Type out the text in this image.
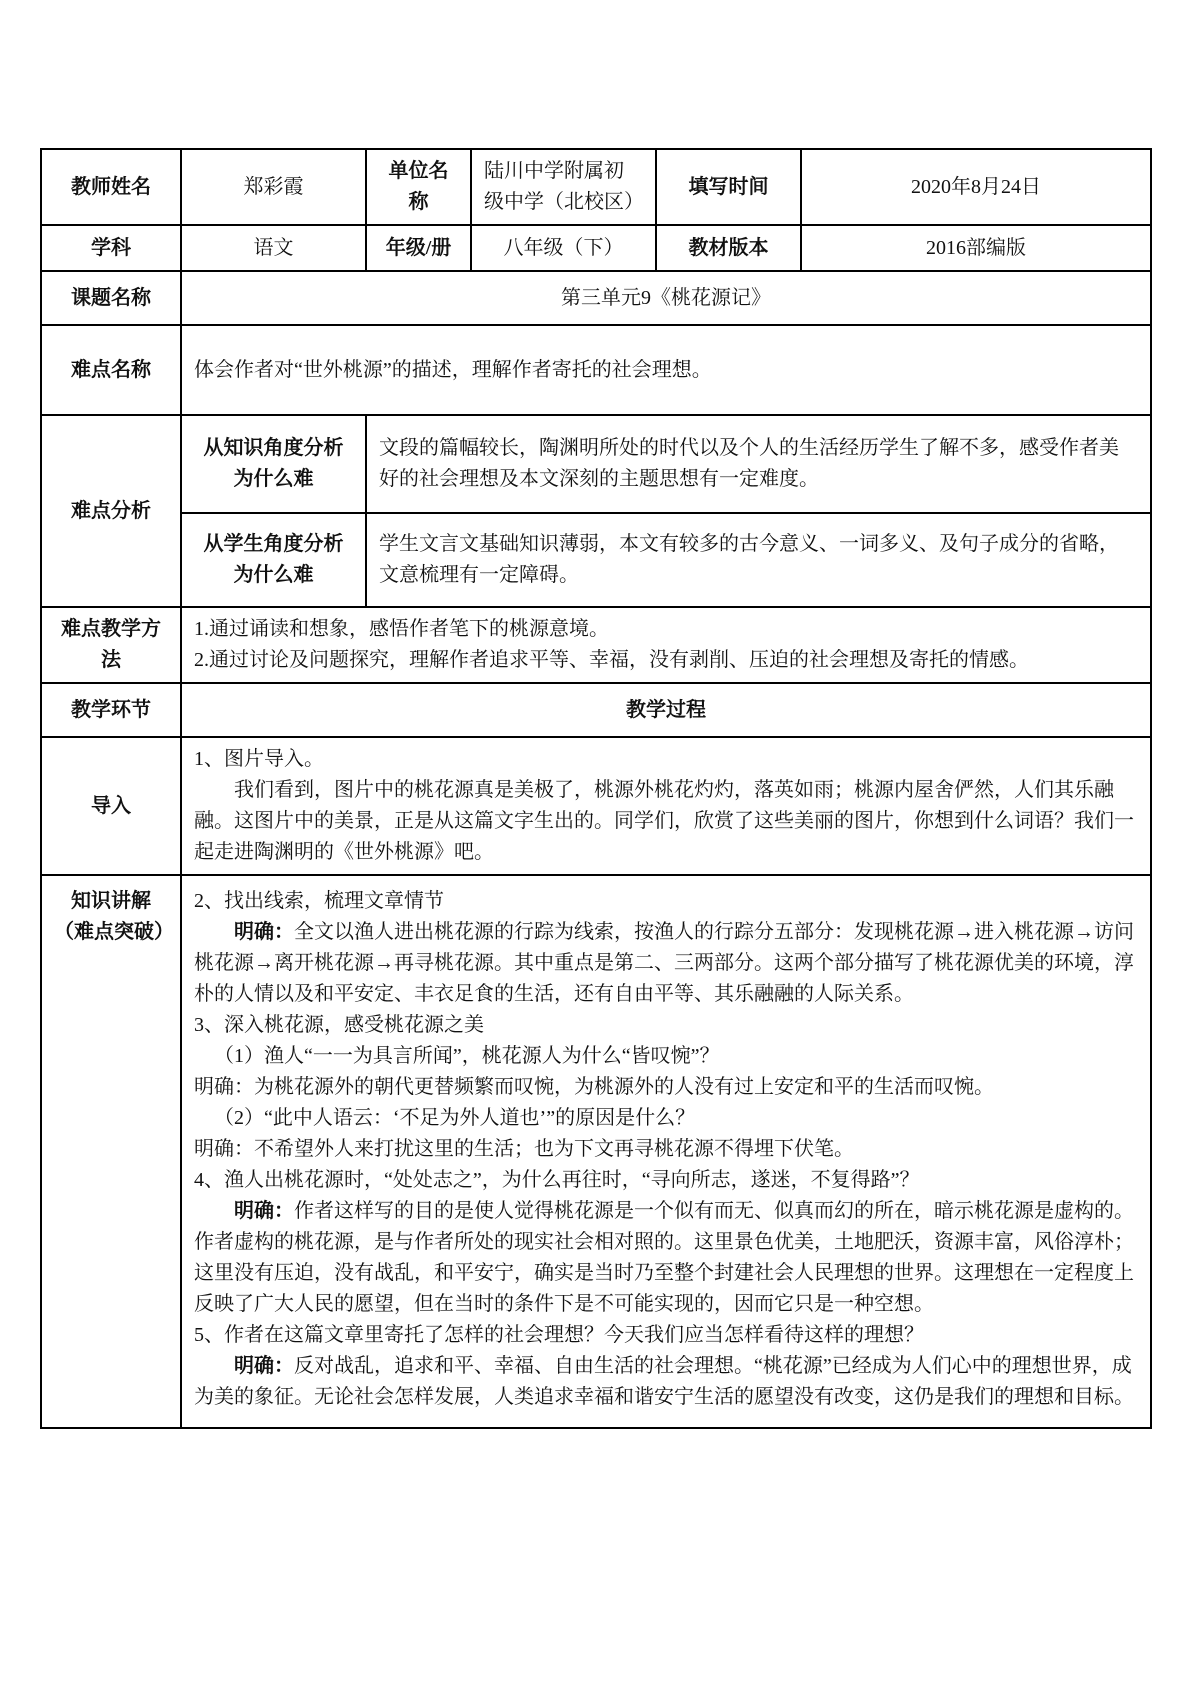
教师姓名	郑彩霞	单位名称	陆川中学附属初级中学（北校区）	填写时间	2020年8月24日
学科	语文	年级/册	八年级（下）	教材版本	2016部编版
课题名称	第三单元9《桃花源记》				
难点名称	体会作者对“世外桃源”的描述，理解作者寄托的社会理想。				
难点分析	从知识角度分析为什么难	文段的篇幅较长，陶渊明所处的时代以及个人的生活经历学生了解不多，感受作者美好的社会理想及本文深刻的主题思想有一定难度。			
	从学生角度分析为什么难	学生文言文基础知识薄弱，本文有较多的古今意义、一词多义、及句子成分的省略，文意梳理有一定障碍。			
难点教学方法	1.通过诵读和想象，感悟作者笔下的桃源意境。

2.通过讨论及问题探究，理解作者追求平等、幸福，没有剥削、压迫的社会理想及寄托的情感。				

教学环节	教学过程				
导入	1、图片导入。

我们看到，图片中的桃花源真是美极了，桃源外桃花灼灼，落英如雨；桃源内屋舍俨然，人们其乐融融。这图片中的美景，正是从这篇文字生出的。同学们，欣赏了这些美丽的图片，你想到什么词语？我们一起走进陶渊明的《世外桃源》吧。				

知识讲解
（难点突破）

2、找出线索，梳理文章情节

明确：全文以渔人进出桃花源的行踪为线索，按渔人的行踪分五部分：发现桃花源→进入桃花源→访问桃花源→离开桃花源→再寻桃花源。其中重点是第二、三两部分。这两个部分描写了桃花源优美的环境，淳朴的人情以及和平安定、丰衣足食的生活，还有自由平等、其乐融融的人际关系。

3、深入桃花源，感受桃花源之美

（1）渔人“一一为具言所闻”，桃花源人为什么“皆叹惋”？

明确：为桃花源外的朝代更替频繁而叹惋，为桃源外的人没有过上安定和平的生活而叹惋。

（2）“此中人语云：‘不足为外人道也’”的原因是什么？

明确：不希望外人来打扰这里的生活；也为下文再寻桃花源不得埋下伏笔。

4、渔人出桃花源时，“处处志之”，为什么再往时，“寻向所志，遂迷，不复得路”？

明确：作者这样写的目的是使人觉得桃花源是一个似有而无、似真而幻的所在，暗示桃花源是虚构的。作者虚构的桃花源，是与作者所处的现实社会相对照的。这里景色优美，土地肥沃，资源丰富，风俗淳朴；这里没有压迫，没有战乱，和平安宁，确实是当时乃至整个封建社会人民理想的世界。这理想在一定程度上反映了广大人民的愿望，但在当时的条件下是不可能实现的，因而它只是一种空想。

5、作者在这篇文章里寄托了怎样的社会理想？今天我们应当怎样看待这样的理想？

明确：反对战乱，追求和平、幸福、自由生活的社会理想。“桃花源”已经成为人们心中的理想世界，成为美的象征。无论社会怎样发展，人类追求幸福和谐安宁生活的愿望没有改变，这仍是我们的理想和目标。
